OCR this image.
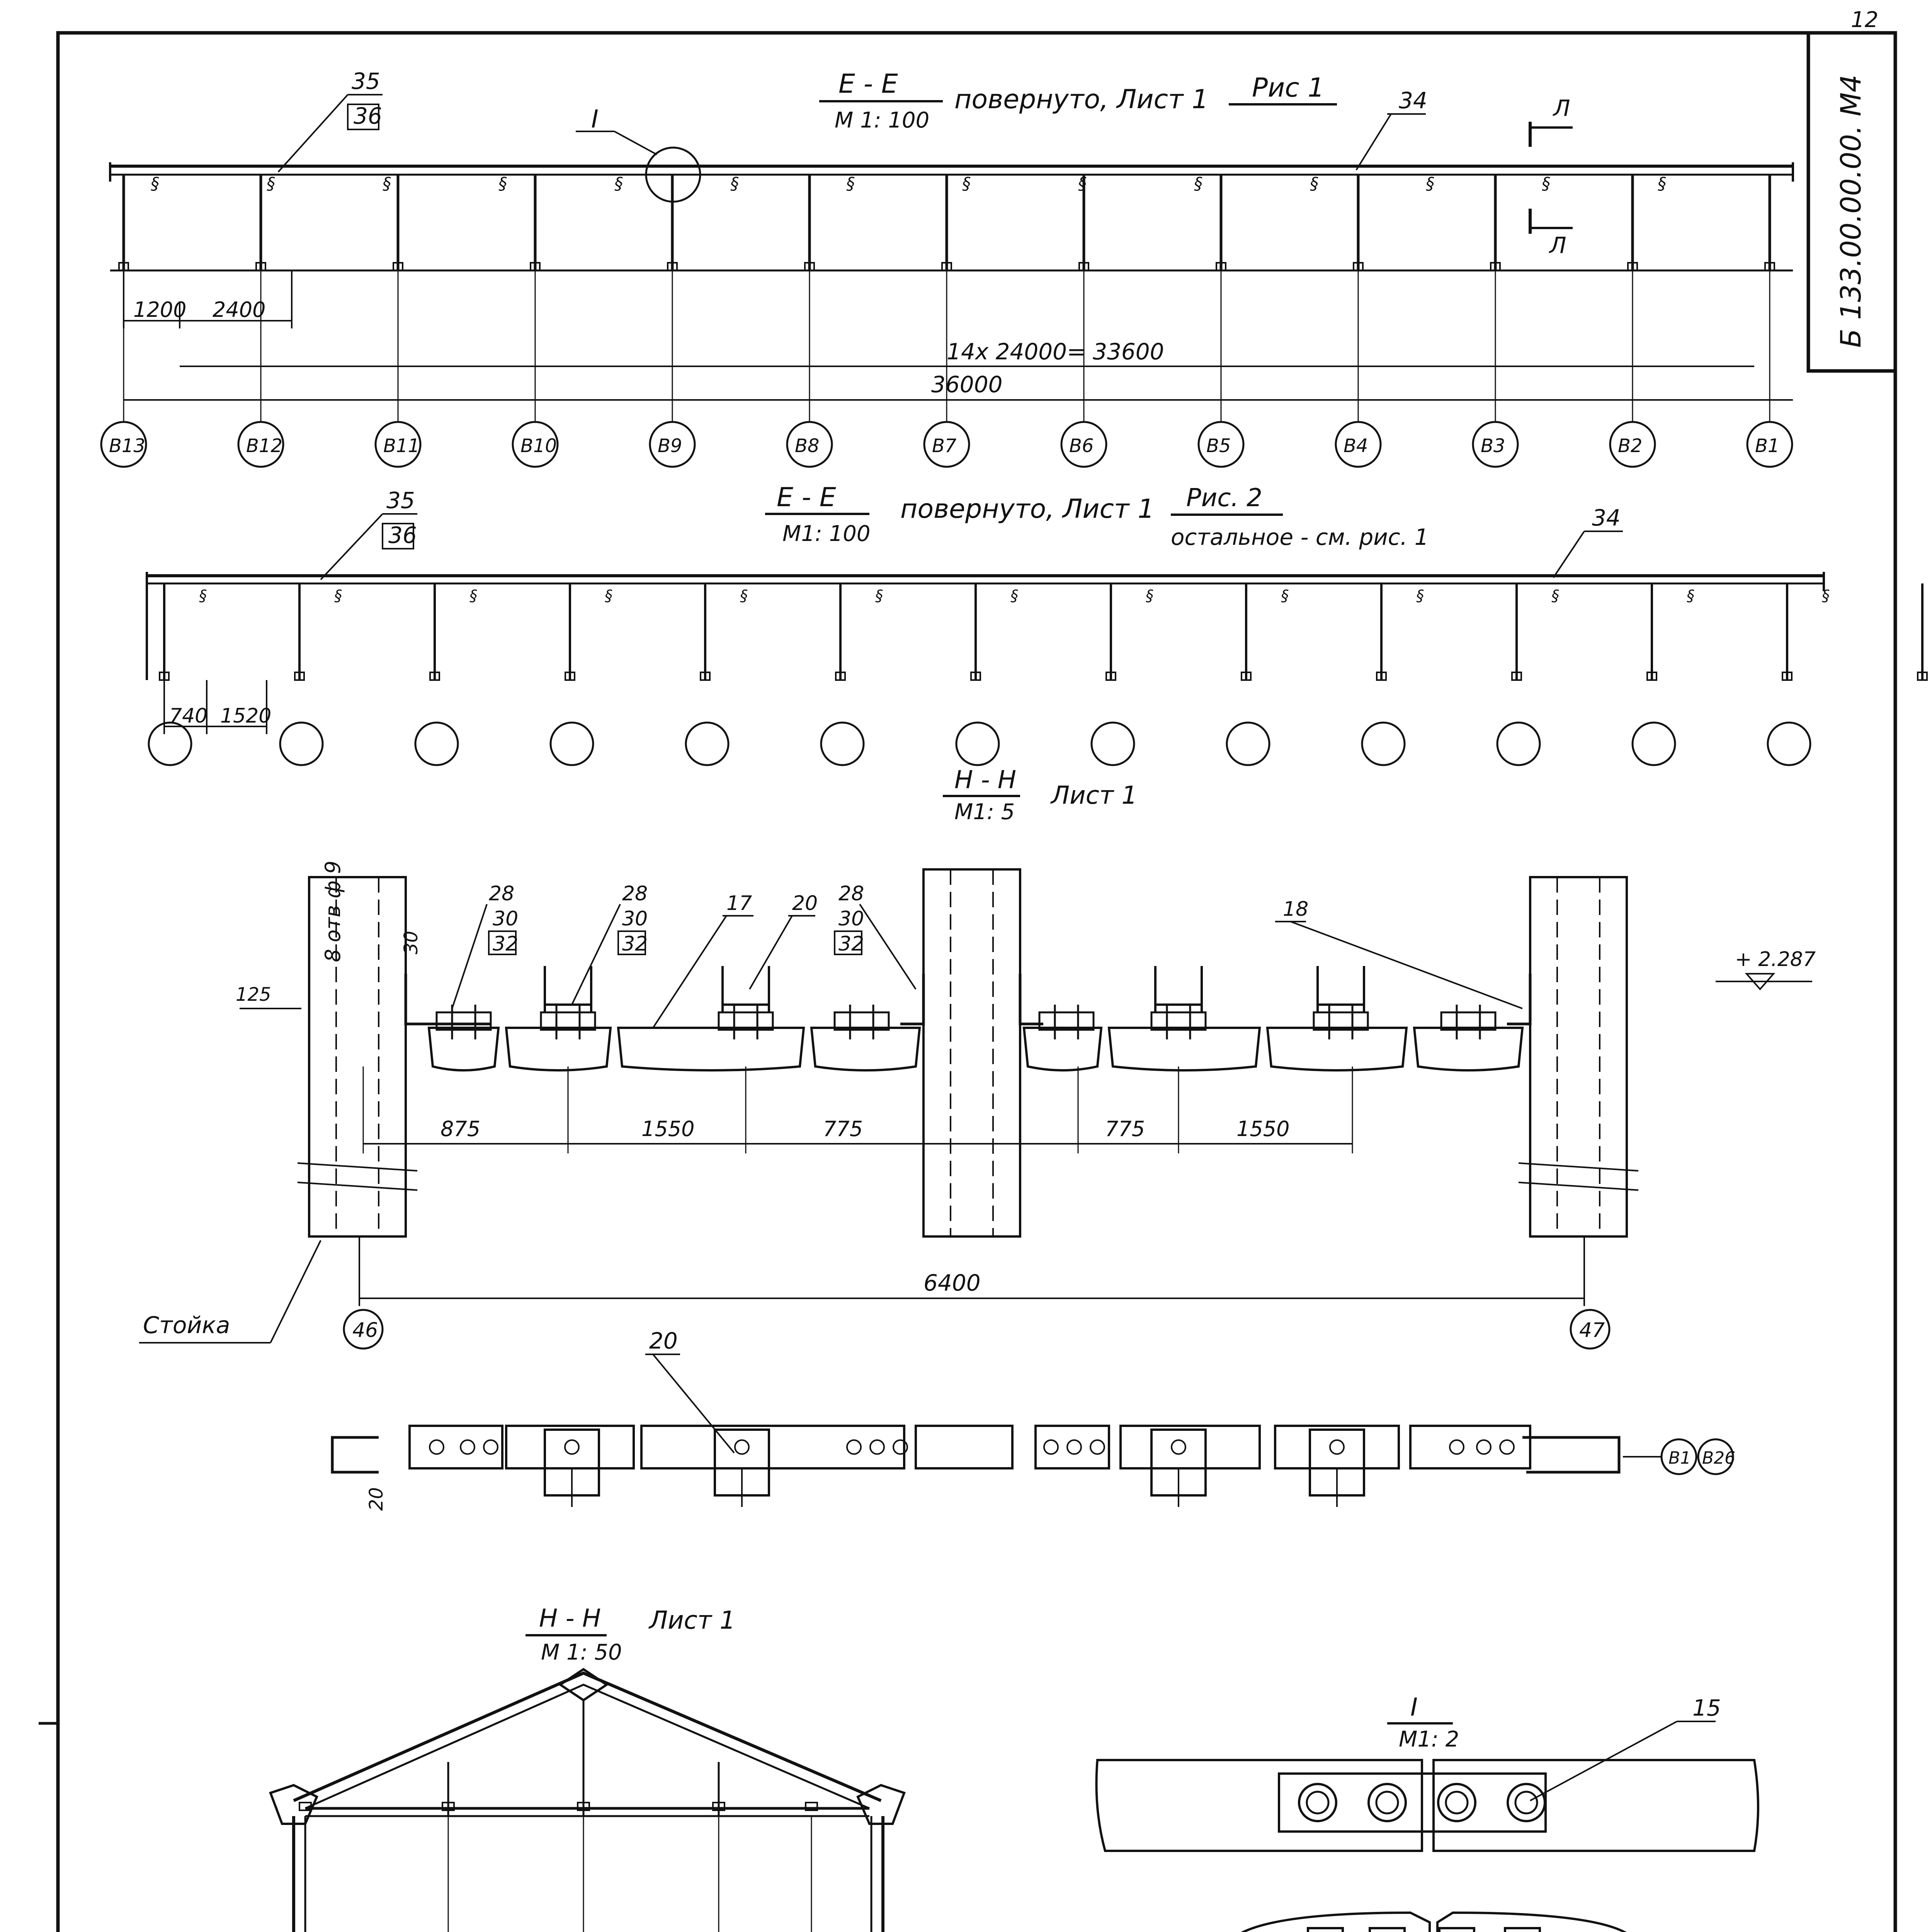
Б 133.00.00.00. М4
12
Е - Е
М 1: 100
повернуто, Лист 1 Рис 1
§	§	§	§	§	§	§	§	§	§	§	§	§	§
I
35
36
34	Л
Л
1200 2400
14х 24000= 33600
36000
В13	В12	В11	В10	В9	В8	В7	В6	В5	В4	В3	В2	В1
Е - Е
М1: 100
повернуто, Лист 1 Рис. 2
остальное - см. рис. 1
§	§	§	§	§	§	§	§	§	§	§	§	§
35
36
34
740 1520
Н - Н
М1: 5
Лист 1
8 отв ф 9	30
125
28
30
32
28
30
32
17 20 28
30
32
18
+ 2.287
875	1550	775	775	1550
6400
46	47
Стойка
20
20
В1 В26
Н - Н
М 1: 50
Лист 1
I
М1: 2
15
